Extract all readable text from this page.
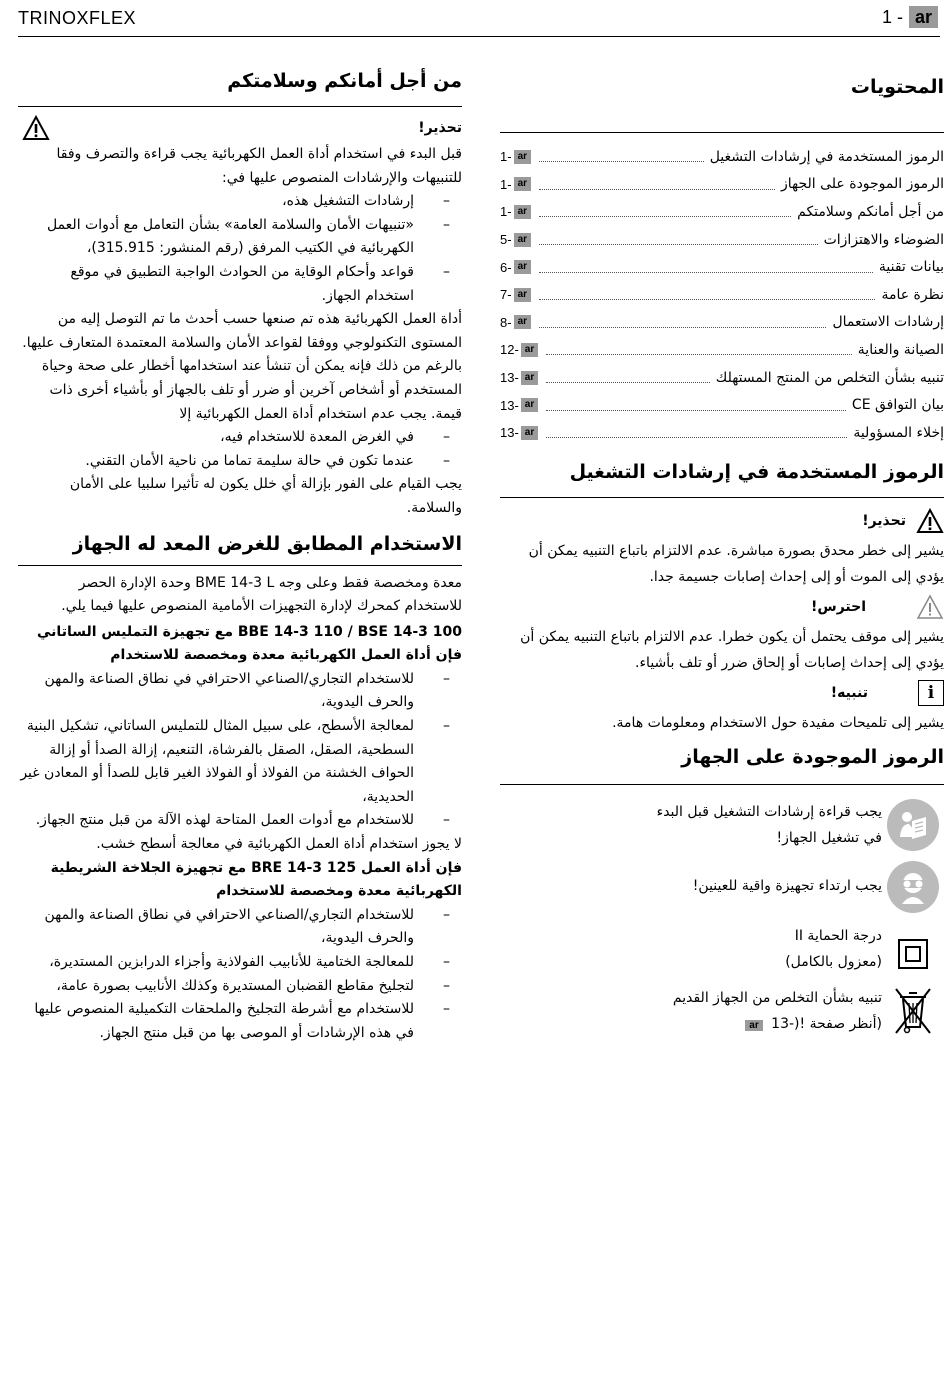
TRINOXFLEX	1 - ar
المحتويات
الرموز المستخدمة في إرشادات التشغيل
1- ar
الرموز الموجودة على الجهاز
1- ar
من أجل أمانكم وسلامتكم
1- ar
الضوضاء والاهتزازات
5- ar
بيانات تقنية
6- ar
نظرة عامة
7- ar
إرشادات الاستعمال
8- ar
الصيانة والعناية
12- ar
تنبيه بشأن التخلص من المنتج المستهلك
13- ar
بيان التوافق CE
13- ar
إخلاء المسؤولية
13- ar
الرموز المستخدمة في إرشادات التشغيل
تحذير!

يشير إلى خطر محدق بصورة مباشرة. عدم الالتزام باتباع التنبيه يمكن أن يؤدي إلى الموت أو إلى إحداث إصابات جسيمة جدا.

احترس!

يشير إلى موقف يحتمل أن يكون خطرا. عدم الالتزام باتباع التنبيه يمكن أن يؤدي إلى إحداث إصابات أو إلحاق ضرر أو تلف بأشياء.

i
تنبيه!

يشير إلى تلميحات مفيدة حول الاستخدام ومعلومات هامة.

الرموز الموجودة على الجهاز
يجب قراءة إرشادات التشغيل قبل البدء
في تشغيل الجهاز!
يجب ارتداء تجهيزة واقية للعينين!
درجة الحماية II
(معزول بالكامل)
تنبيه بشأن التخلص من الجهاز القديم
(أنظر صفحة ar 13-)!
من أجل أمانكم وسلامتكم
تحذير!

قبل البدء في استخدام أداة العمل الكهربائية يجب قراءة والتصرف وفقا للتنبيهات والإرشادات المنصوص عليها في:

– إرشادات التشغيل هذه،
– «تنبيهات الأمان والسلامة العامة» بشأن التعامل مع أدوات العمل الكهربائية في الكتيب المرفق (رقم المنشور: 315.915)،
– قواعد وأحكام الوقاية من الحوادث الواجبة التطبيق في موقع استخدام الجهاز.

أداة العمل الكهربائية هذه تم صنعها حسب أحدث ما تم التوصل إليه من المستوى التكنولوجي ووفقا لقواعد الأمان والسلامة المعتمدة المتعارف عليها. بالرغم من ذلك فإنه يمكن أن تنشأ عند استخدامها أخطار على صحة وحياة المستخدم أو أشخاص آخرين أو ضرر أو تلف بالجهاز أو بأشياء أخرى ذات قيمة. يجب عدم استخدام أداة العمل الكهربائية إلا

– في الغرض المعدة للاستخدام فيه،
– عندما تكون في حالة سليمة تماما من ناحية الأمان التقني.

يجب القيام على الفور بإزالة أي خلل يكون له تأثيرا سلبيا على الأمان والسلامة.

الاستخدام المطابق للغرض المعد له الجهاز

معدة ومخصصة فقط وعلى وجه BME 14-3 L وحدة الإدارة الحصر للاستخدام كمحرك لإدارة التجهيزات الأمامية المنصوص عليها فيما يلي.

100 BBE 14-3 110 / BSE 14-3 مع تجهيزة التمليس الساتاني فإن أداة العمل الكهربائية معدة ومخصصة للاستخدام

– للاستخدام التجاري/الصناعي الاحترافي في نطاق الصناعة والمهن والحرف اليدوية،
– لمعالجة الأسطح، على سبيل المثال للتمليس الساتاني، تشكيل البنية السطحية، الصقل، الصقل بالفرشاة، التنعيم، إزالة الصدأ أو إزالة الحواف الخشنة من الفولاذ أو الفولاذ الغير قابل للصدأ أو المعادن غير الحديدية،
– للاستخدام مع أدوات العمل المتاحة لهذه الآلة من قبل منتج الجهاز.

لا يجوز استخدام أداة العمل الكهربائية في معالجة أسطح خشب.

فإن أداة العمل BRE 14-3 125 مع تجهيزة الجلاخة الشريطية الكهربائية معدة ومخصصة للاستخدام

– للاستخدام التجاري/الصناعي الاحترافي في نطاق الصناعة والمهن والحرف اليدوية،
– للمعالجة الختامية للأنابيب الفولاذية وأجزاء الدرابزين المستديرة،
– لتجليخ مقاطع القضبان المستديرة وكذلك الأنابيب بصورة عامة،
– للاستخدام مع أشرطة التجليخ والملحقات التكميلية المنصوص عليها في هذه الإرشادات أو الموصى بها من قبل منتج الجهاز.
